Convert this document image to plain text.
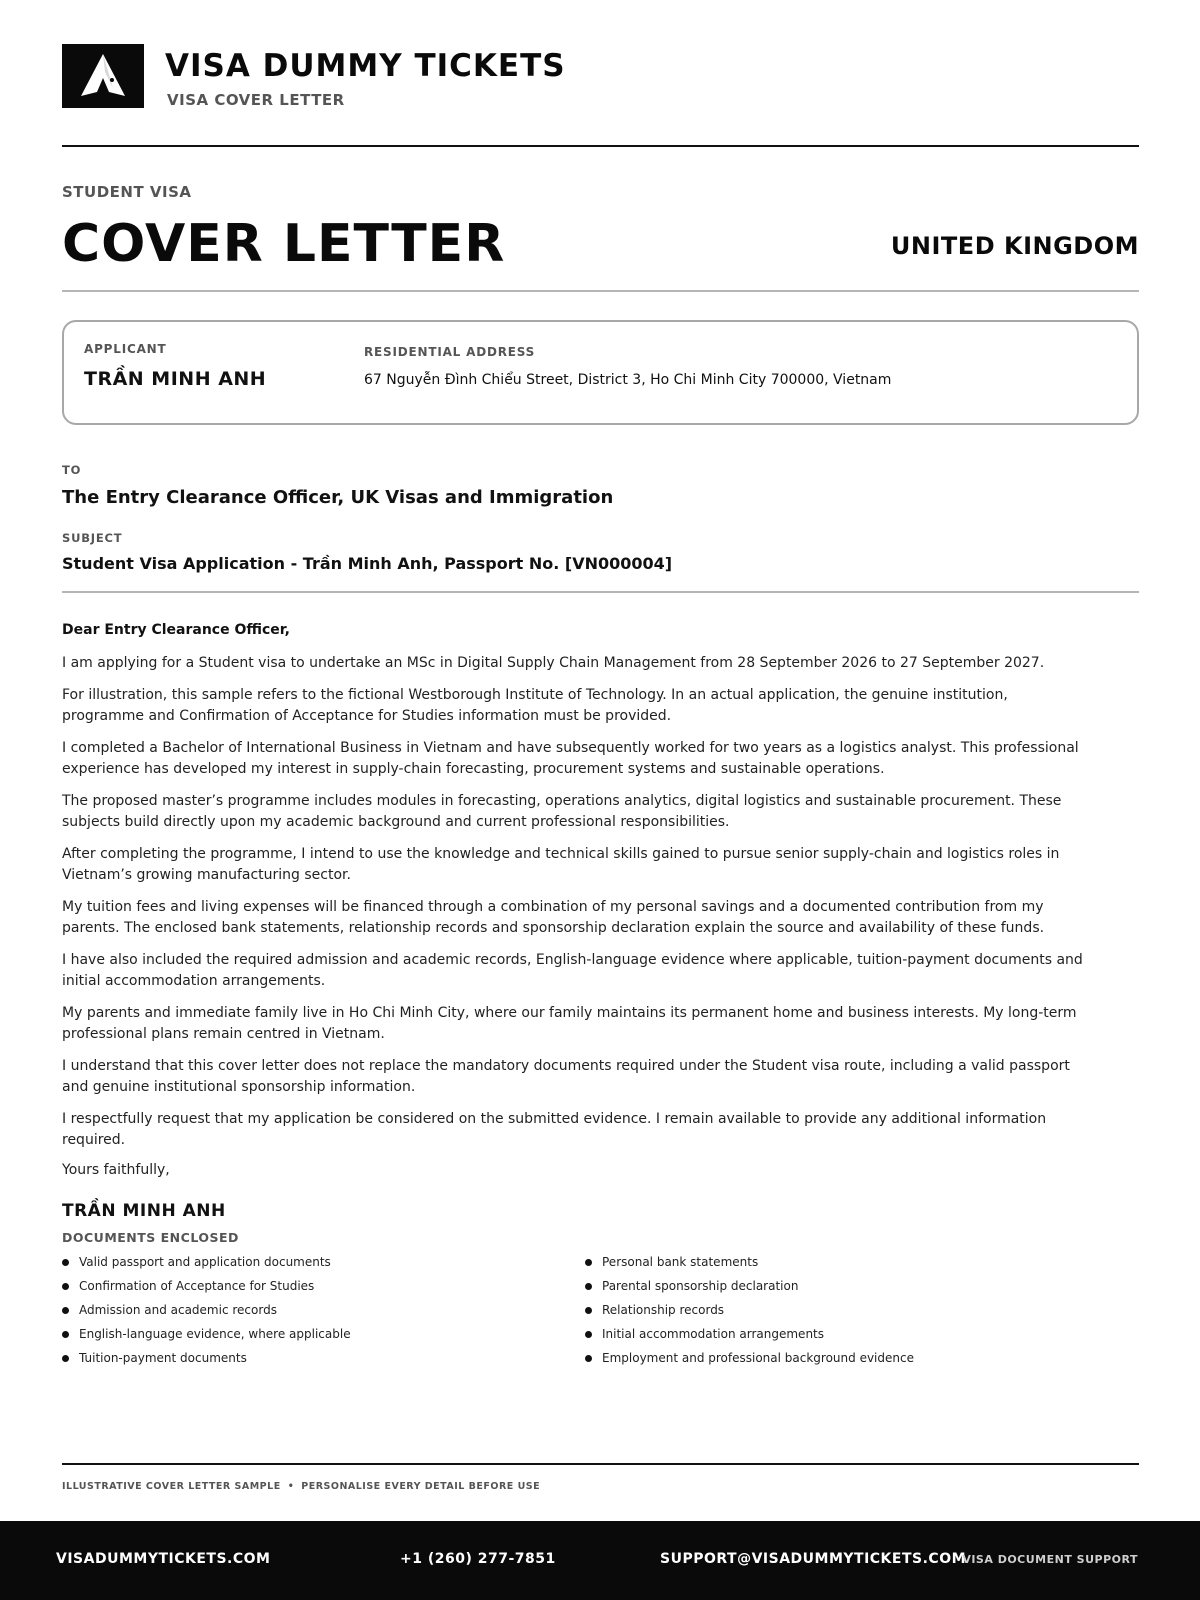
VISA DUMMY TICKETS
VISA COVER LETTER
STUDENT VISA
COVER LETTER	UNITED KINGDOM
APPLICANT
TRẦN MINH ANH
RESIDENTIAL ADDRESS
67 Nguyễn Đình Chiểu Street, District 3, Ho Chi Minh City 700000, Vietnam
TO
The Entry Clearance Officer, UK Visas and Immigration
SUBJECT
Student Visa Application - Trần Minh Anh, Passport No. [VN000004]
Dear Entry Clearance Officer,

I am applying for a Student visa to undertake an MSc in Digital Supply Chain Management from 28 September 2026 to 27 September 2027.

For illustration, this sample refers to the fictional Westborough Institute of Technology. In an actual application, the genuine institution, programme and Confirmation of Acceptance for Studies information must be provided.

I completed a Bachelor of International Business in Vietnam and have subsequently worked for two years as a logistics analyst. This professional experience has developed my interest in supply-chain forecasting, procurement systems and sustainable operations.

The proposed master’s programme includes modules in forecasting, operations analytics, digital logistics and sustainable procurement. These subjects build directly upon my academic background and current professional responsibilities.

After completing the programme, I intend to use the knowledge and technical skills gained to pursue senior supply-chain and logistics roles in Vietnam’s growing manufacturing sector.

My tuition fees and living expenses will be financed through a combination of my personal savings and a documented contribution from my parents. The enclosed bank statements, relationship records and sponsorship declaration explain the source and availability of these funds.

I have also included the required admission and academic records, English-language evidence where applicable, tuition-payment documents and initial accommodation arrangements.

My parents and immediate family live in Ho Chi Minh City, where our family maintains its permanent home and business interests. My long-term professional plans remain centred in Vietnam.

I understand that this cover letter does not replace the mandatory documents required under the Student visa route, including a valid passport and genuine institutional sponsorship information.

I respectfully request that my application be considered on the submitted evidence. I remain available to provide any additional information required.

Yours faithfully,
TRẦN MINH ANH
DOCUMENTS ENCLOSED
Valid passport and application documents
Confirmation of Acceptance for Studies
Admission and academic records
English-language evidence, where applicable
Tuition-payment documents
Personal bank statements
Parental sponsorship declaration
Relationship records
Initial accommodation arrangements
Employment and professional background evidence
ILLUSTRATIVE COVER LETTER SAMPLE • PERSONALISE EVERY DETAIL BEFORE USE
VISADUMMYTICKETS.COM	+1 (260) 277-7851	SUPPORT@VISADUMMYTICKETS.COM
VISA DOCUMENT SUPPORT
